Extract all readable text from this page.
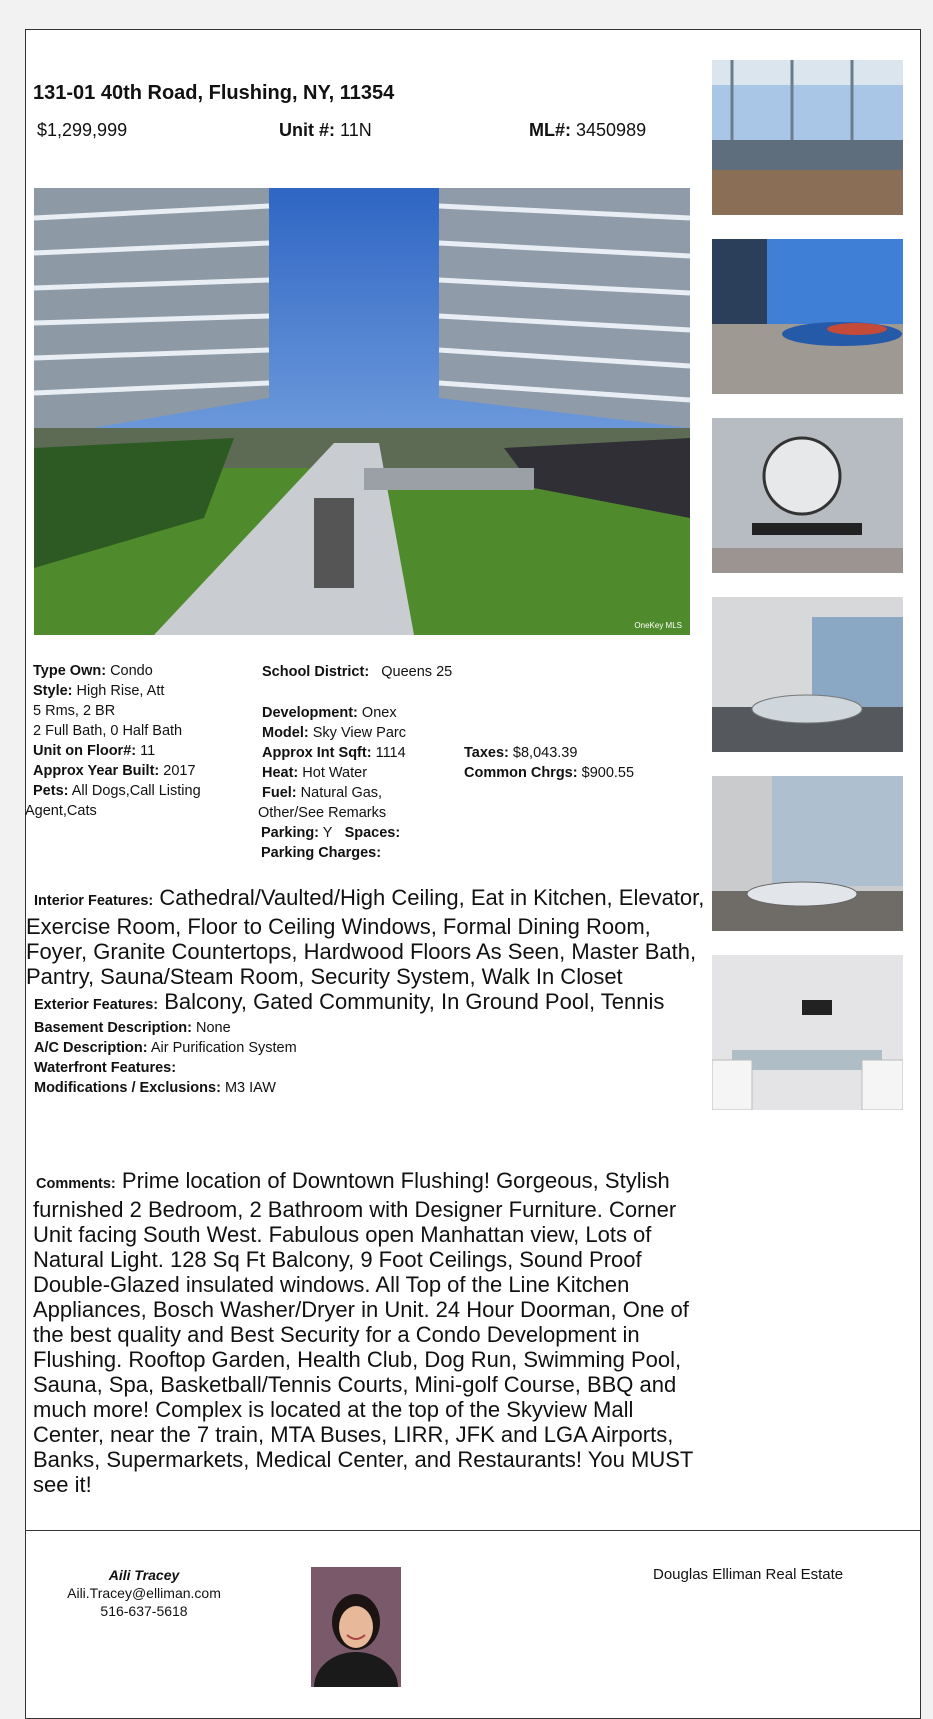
131-01 40th Road, Flushing, NY, 11354
$1,299,999	Unit #: 11N	ML#: 3450989
OneKey MLS
Type Own: Condo
Style: High Rise, Att
5 Rms, 2 BR
2 Full Bath, 0 Half Bath
Unit on Floor#: 11
Approx Year Built: 2017
Pets: All Dogs,Call Listing
Agent,Cats
School District: Queens 25
Development: Onex
Model: Sky View Parc
Approx Int Sqft: 1114
Heat: Hot Water
Fuel: Natural Gas,
Other/See Remarks
Parking: Y Spaces:
Parking Charges:
Taxes: $8,043.39
Common Chrgs: $900.55
Interior Features: Cathedral/Vaulted/High Ceiling, Eat in Kitchen, Elevator, Exercise Room, Floor to Ceiling Windows, Formal Dining Room, Foyer, Granite Countertops, Hardwood Floors As Seen, Master Bath, Pantry, Sauna/Steam Room, Security System, Walk In Closet
Exterior Features: Balcony, Gated Community, In Ground Pool, Tennis
Basement Description: None
A/C Description: Air Purification System
Waterfront Features:
Modifications / Exclusions: M3 IAW
Comments: Prime location of Downtown Flushing! Gorgeous, Stylish furnished 2 Bedroom, 2 Bathroom with Designer Furniture. Corner Unit facing South West. Fabulous open Manhattan view, Lots of Natural Light. 128 Sq Ft Balcony, 9 Foot Ceilings, Sound Proof Double-Glazed insulated windows. All Top of the Line Kitchen Appliances, Bosch Washer/Dryer in Unit. 24 Hour Doorman, One of the best quality and Best Security for a Condo Development in Flushing. Rooftop Garden, Health Club, Dog Run, Swimming Pool, Sauna, Spa, Basketball/Tennis Courts, Mini-golf Course, BBQ and much more! Complex is located at the top of the Skyview Mall Center, near the 7 train, MTA Buses, LIRR, JFK and LGA Airports, Banks, Supermarkets, Medical Center, and Restaurants! You MUST see it!
Aili Tracey
Aili.Tracey@elliman.com
516-637-5618
Douglas Elliman Real Estate
